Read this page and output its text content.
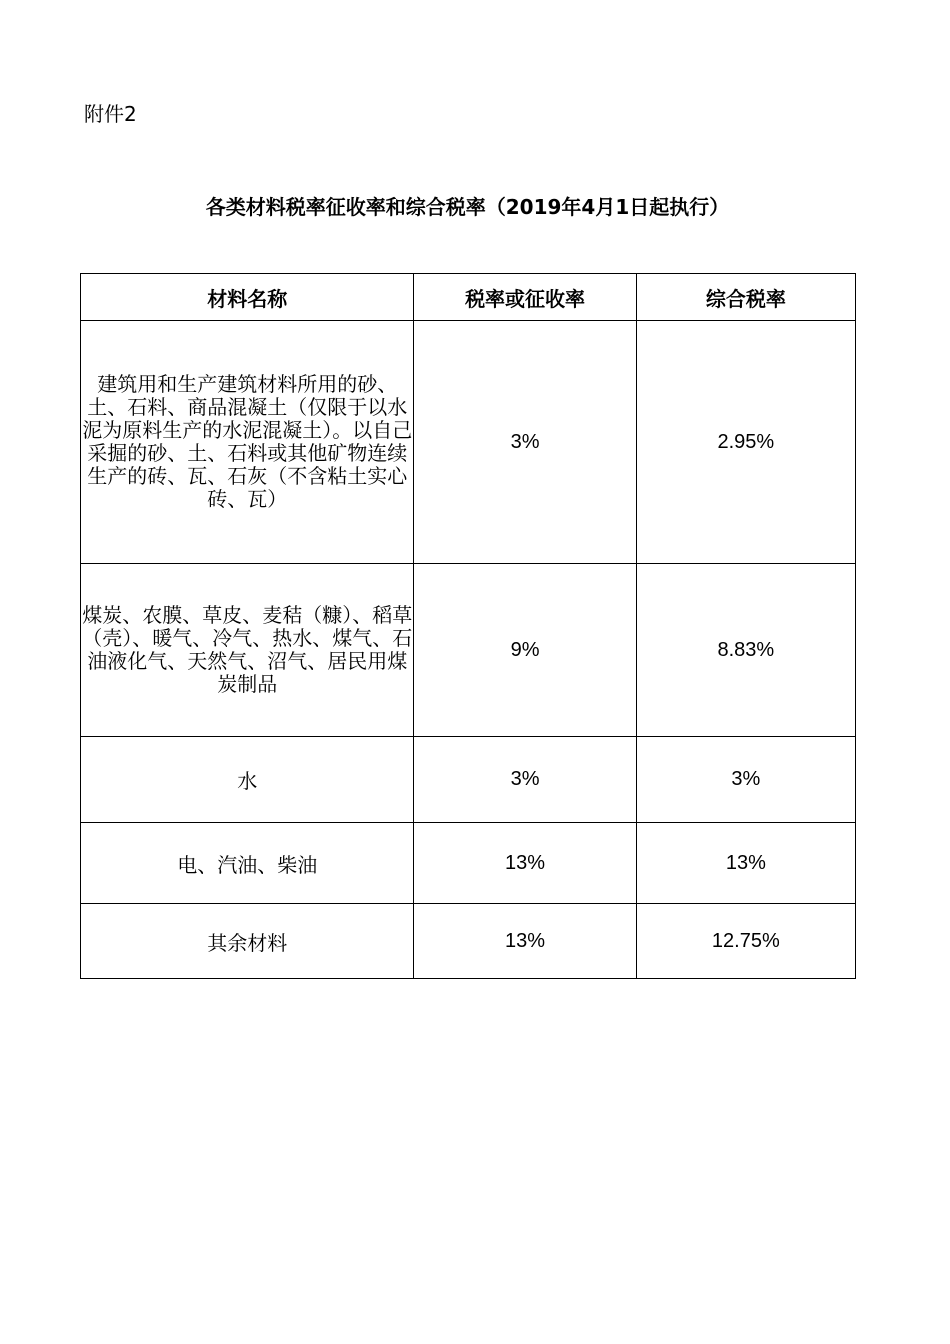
附件2
各类材料税率征收率和综合税率（2019年4月1日起执行）
材料名称	税率或征收率	综合税率
建筑用和生产建筑材料所用的砂、土、石料、商品混凝土（仅限于以水泥为原料生产的水泥混凝土）。以自己采掘的砂、土、石料或其他矿物连续生产的砖、瓦、石灰（不含粘土实心砖、瓦）	3%	2.95%
煤炭、农膜、草皮、麦秸（糠）、稻草（壳）、暖气、冷气、热水、煤气、石油液化气、天然气、沼气、居民用煤炭制品	9%	8.83%
水	3%	3%
电、汽油、柴油	13%	13%
其余材料	13%	12.75%
